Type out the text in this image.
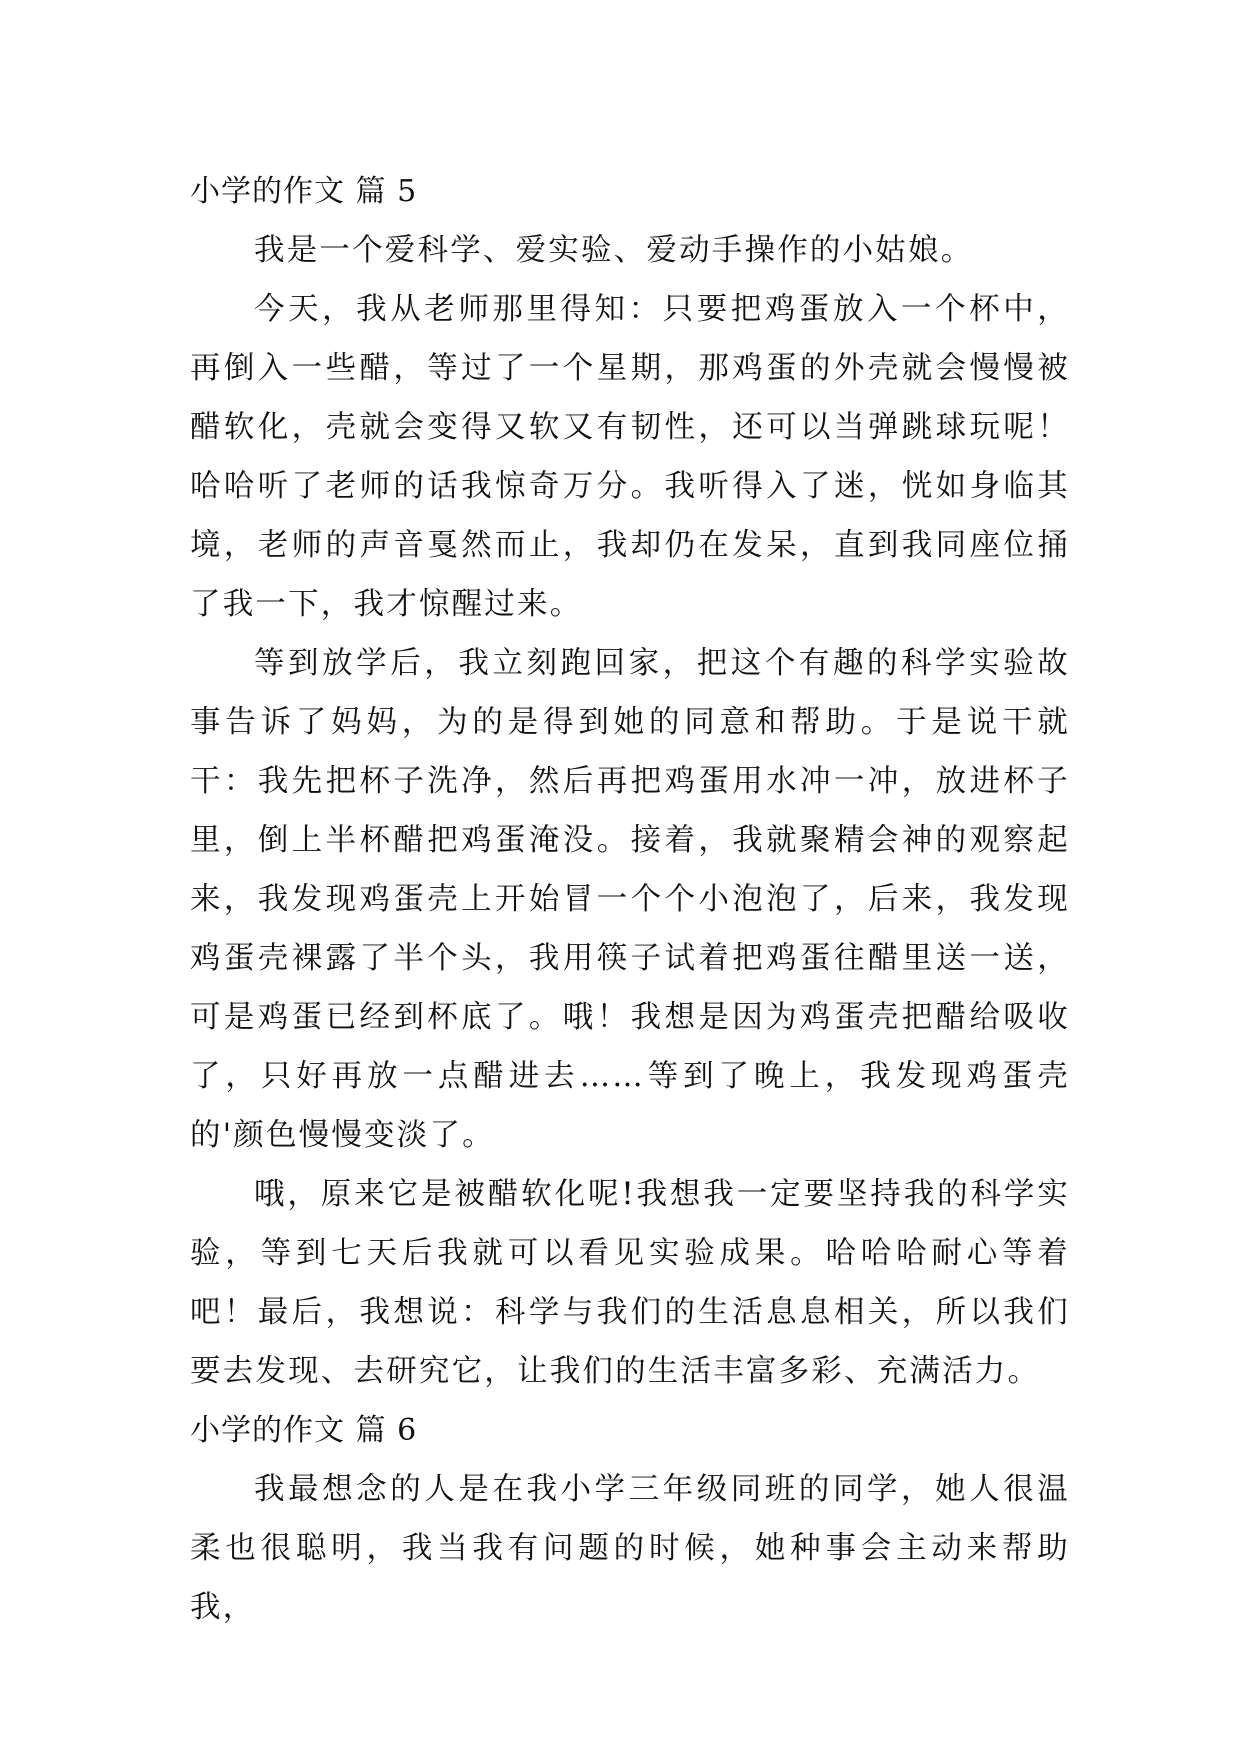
小学的作文 篇 5

我是一个爱科学、爱实验、爱动手操作的小姑娘。

今天，我从老师那里得知：只要把鸡蛋放入一个杯中，再倒入一些醋，等过了一个星期，那鸡蛋的外壳就会慢慢被醋软化，壳就会变得又软又有韧性，还可以当弹跳球玩呢！哈哈听了老师的话我惊奇万分。我听得入了迷，恍如身临其境，老师的声音戛然而止，我却仍在发呆，直到我同座位捅了我一下，我才惊醒过来。

等到放学后，我立刻跑回家，把这个有趣的科学实验故事告诉了妈妈，为的是得到她的同意和帮助。于是说干就干：我先把杯子洗净，然后再把鸡蛋用水冲一冲，放进杯子里，倒上半杯醋把鸡蛋淹没。接着，我就聚精会神的观察起来，我发现鸡蛋壳上开始冒一个个小泡泡了，后来，我发现鸡蛋壳裸露了半个头，我用筷子试着把鸡蛋往醋里送一送，可是鸡蛋已经到杯底了。哦！我想是因为鸡蛋壳把醋给吸收了，只好再放一点醋进去……等到了晚上，我发现鸡蛋壳的'颜色慢慢变淡了。

哦，原来它是被醋软化呢!我想我一定要坚持我的科学实验，等到七天后我就可以看见实验成果。哈哈哈耐心等着吧！最后，我想说：科学与我们的生活息息相关，所以我们要去发现、去研究它，让我们的生活丰富多彩、充满活力。

小学的作文 篇 6

我最想念的人是在我小学三年级同班的同学，她人很温柔也很聪明，我当我有问题的时候，她种事会主动来帮助我，
